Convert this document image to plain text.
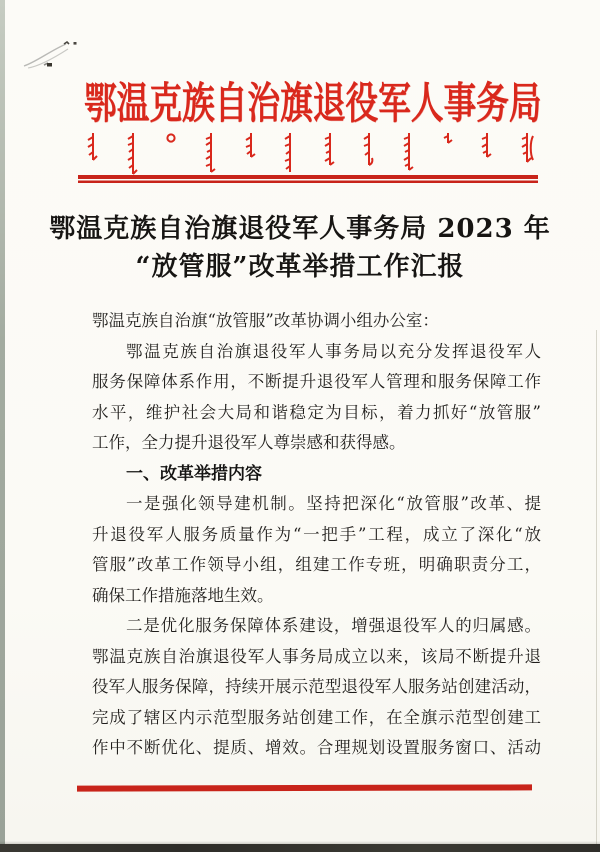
鄂温克族自治旗退役军人事务局
鄂温克族自治旗退役军人事务局 2023 年
“放管服”改革举措工作汇报
鄂温克族自治旗“放管服”改革协调小组办公室：
鄂温克族自治旗退役军人事务局以充分发挥退役军人
服务保障体系作用，不断提升退役军人管理和服务保障工作
水平，维护社会大局和谐稳定为目标，着力抓好“放管服”
工作，全力提升退役军人尊崇感和获得感。
一、改革举措内容
一是强化领导建机制。坚持把深化“放管服”改革、提
升退役军人服务质量作为“一把手”工程，成立了深化“放
管服”改革工作领导小组，组建工作专班，明确职责分工，
确保工作措施落地生效。
二是优化服务保障体系建设，增强退役军人的归属感。
鄂温克族自治旗退役军人事务局成立以来，该局不断提升退
役军人服务保障，持续开展示范型退役军人服务站创建活动，
完成了辖区内示范型服务站创建工作，在全旗示范型创建工
作中不断优化、提质、增效。合理规划设置服务窗口、活动
